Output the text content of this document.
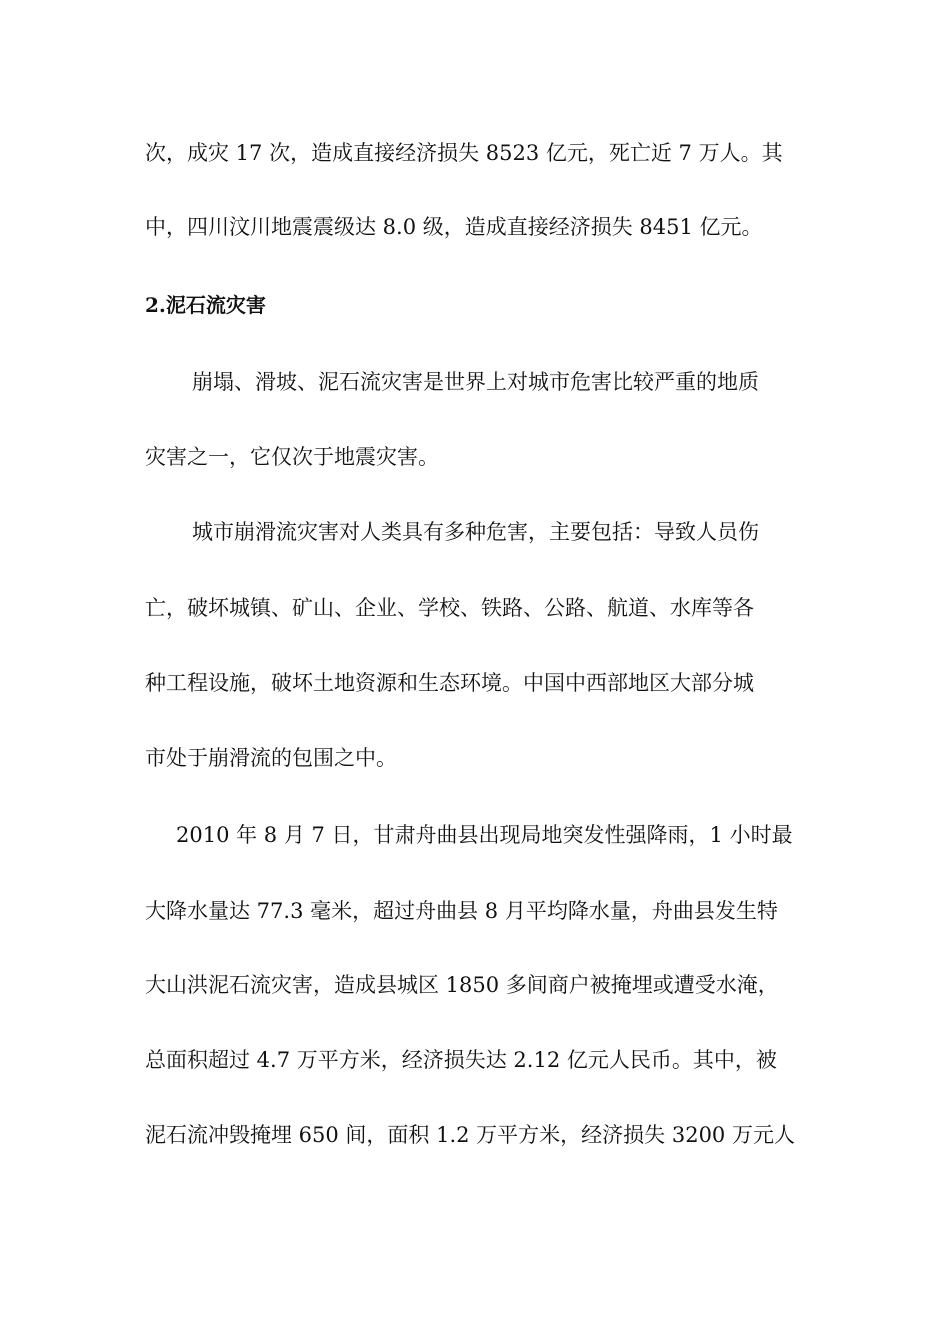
次，成灾 17 次，造成直接经济损失 8523 亿元，死亡近 7 万人。其
中，四川汶川地震震级达 8.0 级，造成直接经济损失 8451 亿元。
2.泥石流灾害
崩塌、滑坡、泥石流灾害是世界上对城市危害比较严重的地质
灾害之一，它仅次于地震灾害。
城市崩滑流灾害对人类具有多种危害，主要包括：导致人员伤
亡，破坏城镇、矿山、企业、学校、铁路、公路、航道、水库等各
种工程设施，破坏土地资源和生态环境。中国中西部地区大部分城
市处于崩滑流的包围之中。
2010 年 8 月 7 日，甘肃舟曲县出现局地突发性强降雨，1 小时最
大降水量达 77.3 毫米，超过舟曲县 8 月平均降水量，舟曲县发生特
大山洪泥石流灾害，造成县城区 1850 多间商户被掩埋或遭受水淹，
总面积超过 4.7 万平方米，经济损失达 2.12 亿元人民币。其中，被
泥石流冲毁掩埋 650 间，面积 1.2 万平方米，经济损失 3200 万元人
